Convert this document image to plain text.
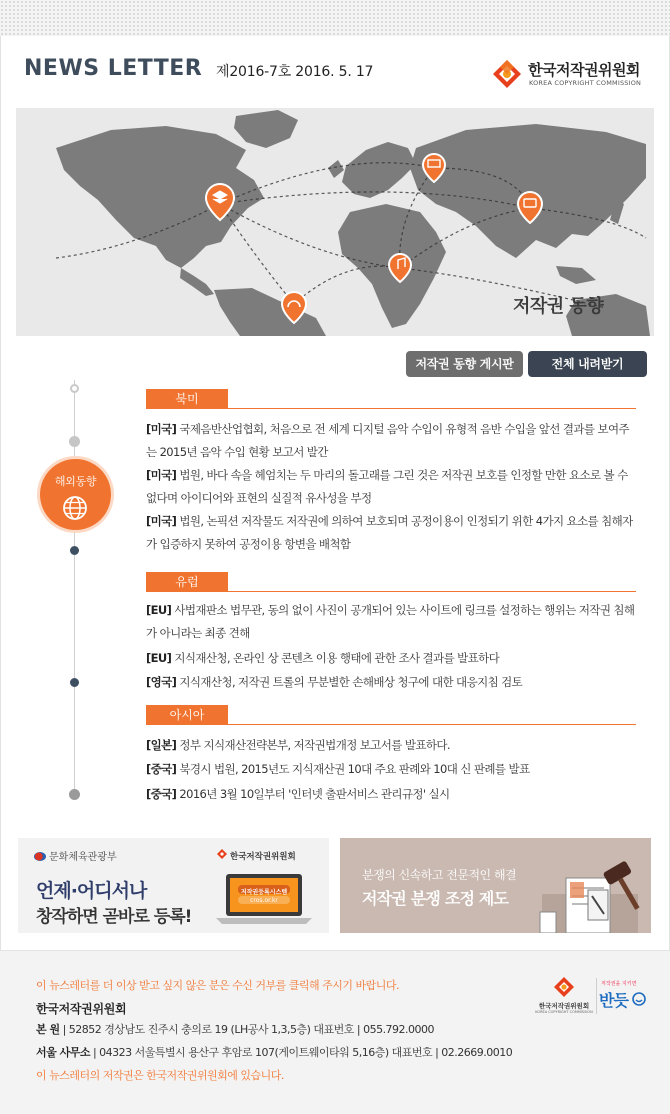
NEWS LETTER 제2016-7호 2016. 5. 17	한국저작권위원회
KOREA COPYRIGHT COMMISSION
저작권 동향
저작권 동향 게시판	전체 내려받기
해외동향
북미
[미국] 국제음반산업협회, 처음으로 전 세계 디지털 음악 수입이 유형적 음반 수입을 앞선 결과를 보여주는 2015년 음악 수입 현황 보고서 발간
[미국] 법원, 바다 속을 헤엄치는 두 마리의 돌고래를 그린 것은 저작권 보호를 인정할 만한 요소로 볼 수 없다며 아이디어와 표현의 실질적 유사성을 부정
[미국] 법원, 논픽션 저작물도 저작권에 의하여 보호되며 공정이용이 인정되기 위한 4가지 요소를 침해자가 입증하지 못하여 공정이용 항변을 배척함
유럽
[EU] 사법재판소 법무관, 동의 없이 사진이 공개되어 있는 사이트에 링크를 설정하는 행위는 저작권 침해가 아니라는 최종 견해
[EU] 지식재산청, 온라인 상 콘텐츠 이용 행태에 관한 조사 결과를 발표하다
[영국] 지식재산청, 저작권 트롤의 무분별한 손해배상 청구에 대한 대응지침 검토
아시아
[일본] 정부 지식재산전략본부, 저작권법개정 보고서를 발표하다.
[중국] 북경시 법원, 2015년도 지식재산권 10대 주요 판례와 10대 신 판례를 발표
[중국] 2016년 3월 10일부터 '인터넷 출판서비스 관리규정' 실시
문화체육관광부	한국저작권위원회
언제·어디서나
창작하면 곧바로 등록!
저작권등록시스템
cros.or.kr
분쟁의 신속하고 전문적인 해결
저작권 분쟁 조정 제도
이 뉴스레터를 더 이상 받고 싶지 않은 분은 수신 거부를 클릭해 주시기 바랍니다.
한국저작권위원회
본 원 | 52852 경상남도 진주시 충의로 19 (LH공사 1,3,5층) 대표번호 | 055.792.0000
서울 사무소 | 04323 서울특별시 용산구 후암로 107(게이트웨이타워 5,16층) 대표번호 | 02.2669.0010
이 뉴스레터의 저작권은 한국저작권위원회에 있습니다.
한국저작권위원회
KOREA COPYRIGHT COMMISSION
저작권을 지키면
반듯
